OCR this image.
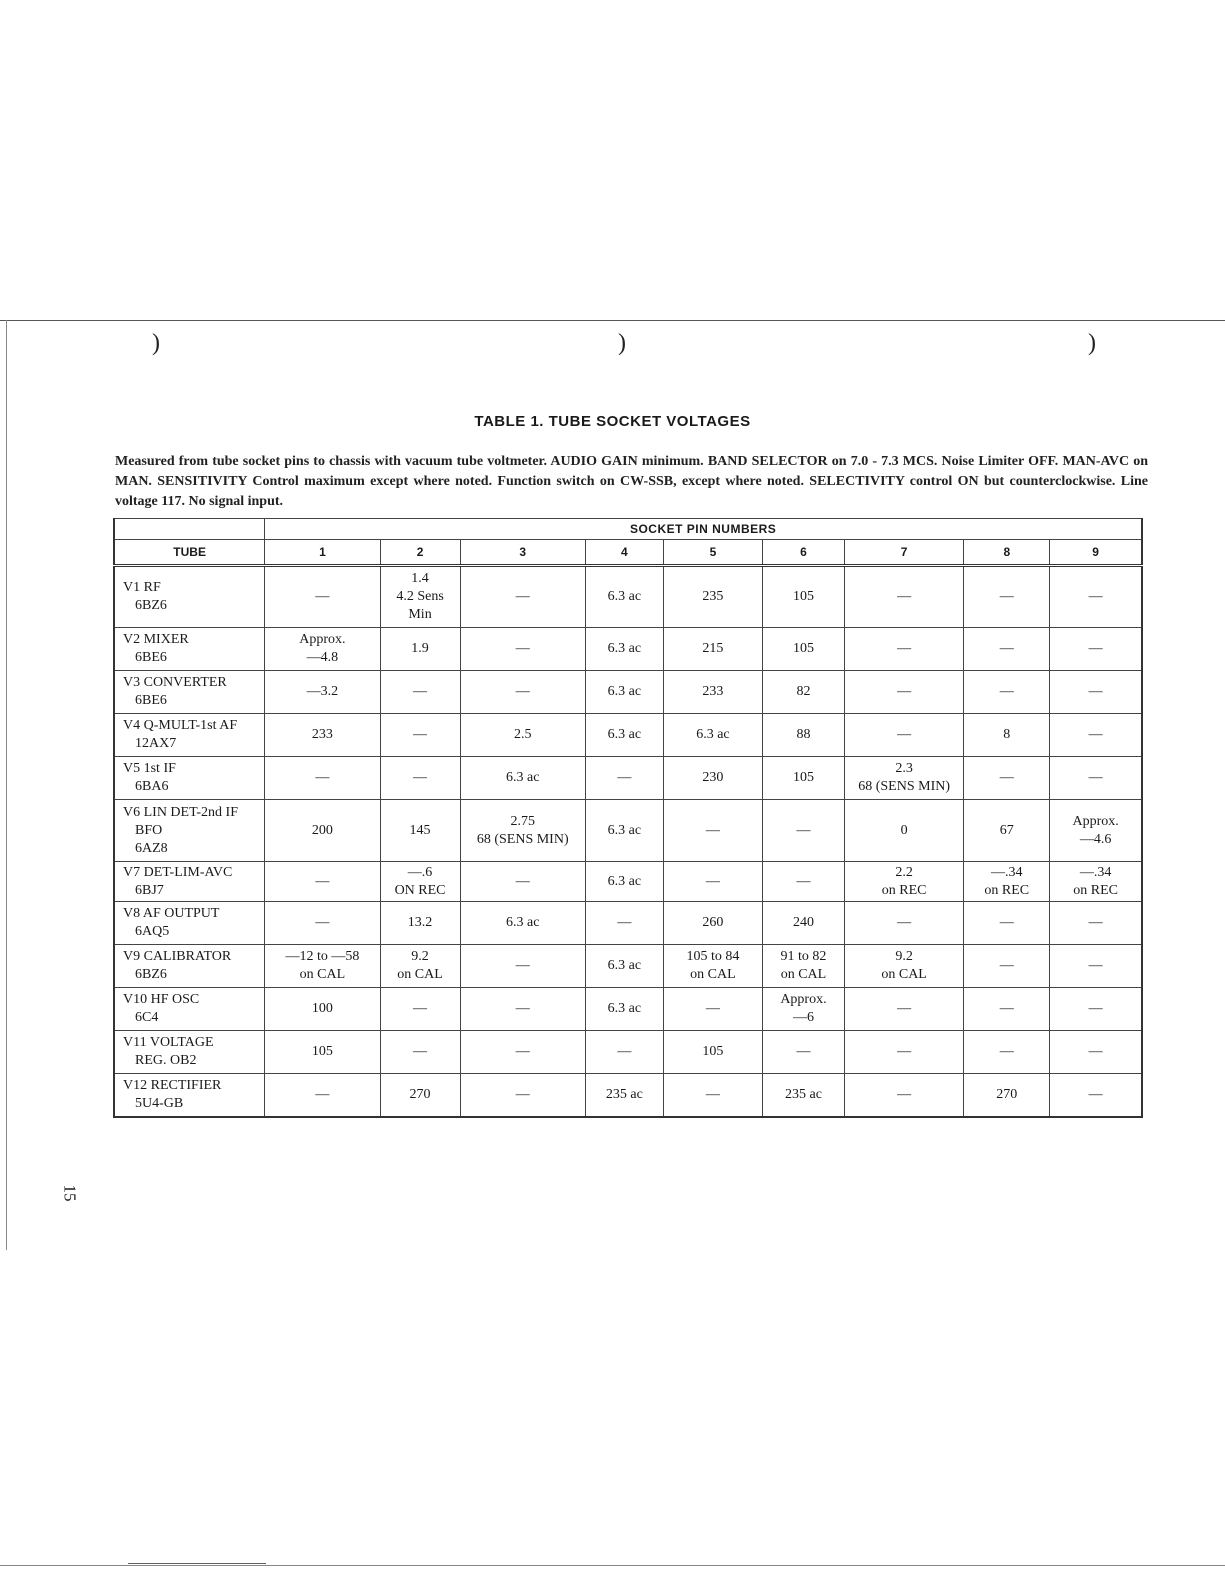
)	)	)
TABLE 1. TUBE SOCKET VOLTAGES
Measured from tube socket pins to chassis with vacuum tube voltmeter. AUDIO GAIN minimum. BAND SELECTOR on 7.0 - 7.3 MCS. Noise Limiter OFF. MAN-AVC on MAN. SENSITIVITY Control maximum except where noted. Function switch on CW-SSB, except where noted. SELECTIVITY control ON but counterclockwise. Line voltage 117. No signal input.
	SOCKET PIN NUMBERS								
TUBE	1	2	3	4	5	6	7	8	9

V1 RF
6BZ6	—	1.4
4.2 Sens
Min	—	6.3 ac	235	105	—	—	—

V2 MIXER
6BE6	Approx.
—4.8	1.9	—	6.3 ac	215	105	—	—	—

V3 CONVERTER
6BE6	—3.2	—	—	6.3 ac	233	82	—	—	—

V4 Q-MULT-1st AF
12AX7	233	—	2.5	6.3 ac	6.3 ac	88	—	8	—

V5 1st IF
6BA6	—	—	6.3 ac	—	230	105	2.3
68 (SENS MIN)	—	—

V6 LIN DET-2nd IF
BFO
6AZ8	200	145	2.75
68 (SENS MIN)	6.3 ac	—	—	0	67	Approx.
—4.6

V7 DET-LIM-AVC
6BJ7	—	—.6
ON REC	—	6.3 ac	—	—	2.2
on REC	—.34
on REC	—.34
on REC

V8 AF OUTPUT
6AQ5	—	13.2	6.3 ac	—	260	240	—	—	—

V9 CALIBRATOR
6BZ6	—12 to —58
on CAL	9.2
on CAL	—	6.3 ac	105 to 84
on CAL	91 to 82
on CAL	9.2
on CAL	—	—

V10 HF OSC
6C4	100	—	—	6.3 ac	—	Approx.
—6	—	—	—

V11 VOLTAGE
REG. OB2	105	—	—	—	105	—	—	—	—

V12 RECTIFIER
5U4-GB	—	270	—	235 ac	—	235 ac	—	270	—
15
